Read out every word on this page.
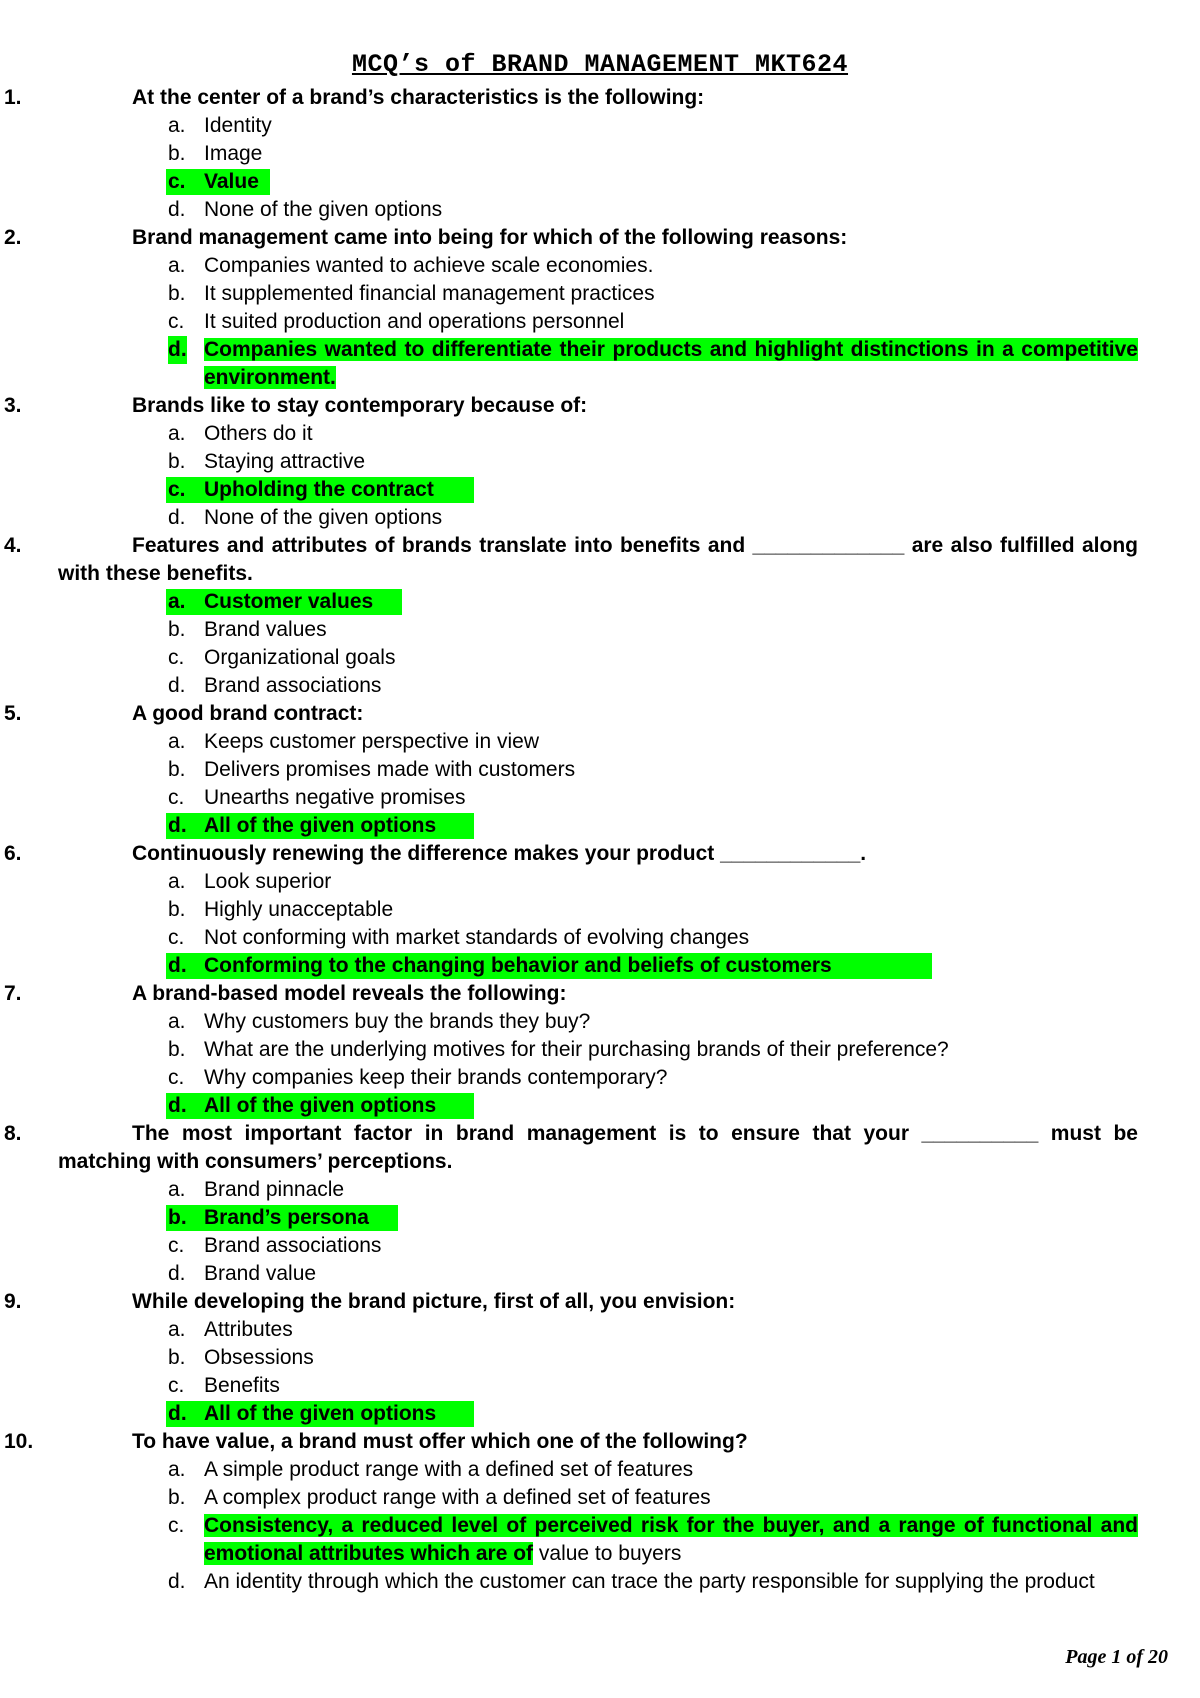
MCQ’s of BRAND MANAGEMENT MKT624
1.	At the center of a brand’s characteristics is the following:
a. Identity
b. Image
c. Value
d. None of the given options
2.	Brand management came into being for which of the following reasons:
a. Companies wanted to achieve scale economies.
b. It supplemented financial management practices
c. It suited production and operations personnel
d. Companies wanted to differentiate their products and highlight distinctions in a competitive environment.
3.	Brands like to stay contemporary because of:
a. Others do it
b. Staying attractive
c. Upholding the contract
d. None of the given options
4.	Features and attributes of brands translate into benefits and _____________ are also fulfilled along with these benefits.
a. Customer values
b. Brand values
c. Organizational goals
d. Brand associations
5.	A good brand contract:
a. Keeps customer perspective in view
b. Delivers promises made with customers
c. Unearths negative promises
d. All of the given options
6.	Continuously renewing the difference makes your product ____________.
a. Look superior
b. Highly unacceptable
c. Not conforming with market standards of evolving changes
d. Conforming to the changing behavior and beliefs of customers
7.	A brand-based model reveals the following:
a. Why customers buy the brands they buy?
b. What are the underlying motives for their purchasing brands of their preference?
c. Why companies keep their brands contemporary?
d. All of the given options
8.	The most important factor in brand management is to ensure that your __________ must be matching with consumers’ perceptions.
a. Brand pinnacle
b. Brand’s persona
c. Brand associations
d. Brand value
9.	While developing the brand picture, first of all, you envision:
a. Attributes
b. Obsessions
c. Benefits
d. All of the given options
10.	To have value, a brand must offer which one of the following?
a. A simple product range with a defined set of features
b. A complex product range with a defined set of features
c. Consistency, a reduced level of perceived risk for the buyer, and a range of functional and emotional attributes which are of value to buyers
d. An identity through which the customer can trace the party responsible for supplying the product
Page 1 of 20
